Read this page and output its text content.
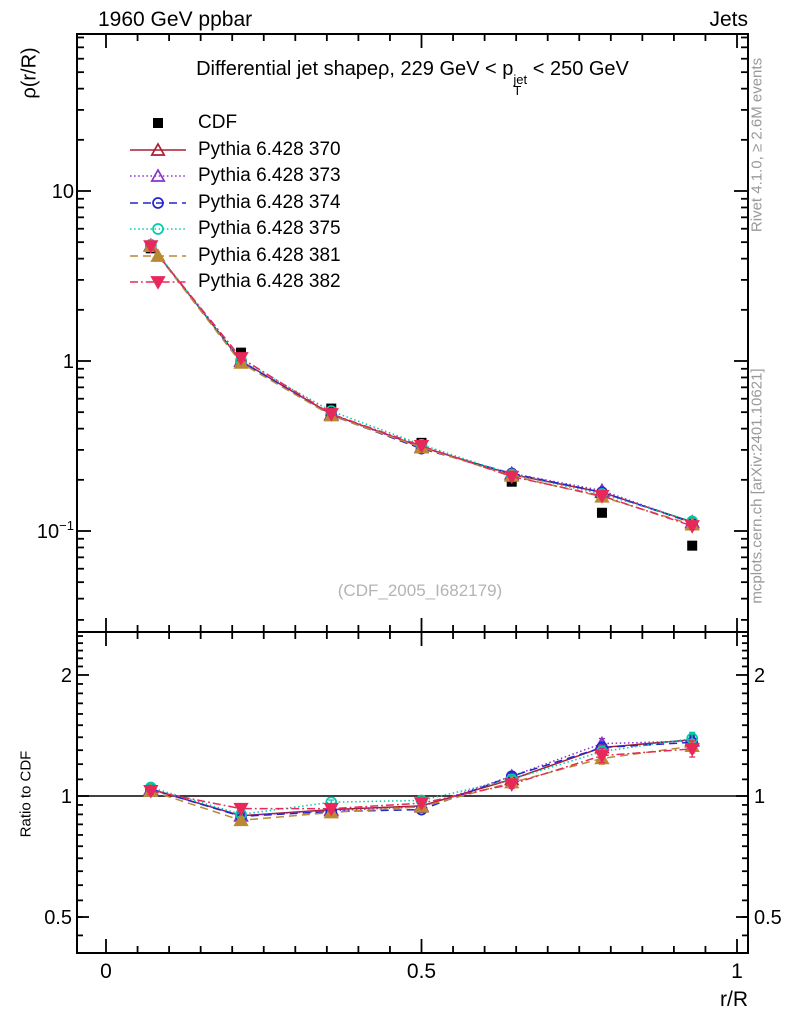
1960 GeV ppbar	Jets
0	0.5	1
10
1
$10^{-1}$
2	2
1	1
0.5	0.5
Differential jet shapeρ, 229 GeV < p jet
T
< 250 GeV
CDF
Pythia 6.428 370
Pythia 6.428 373
Pythia 6.428 374
Pythia 6.428 375
Pythia 6.428 381
Pythia 6.428 382
ρ(r/R)
Ratio to CDF
r/R
Rivet 4.1.0, ≥ 2.6M events
mcplots.cern.ch [arXiv:2401.10621]
(CDF_2005_I682179)
